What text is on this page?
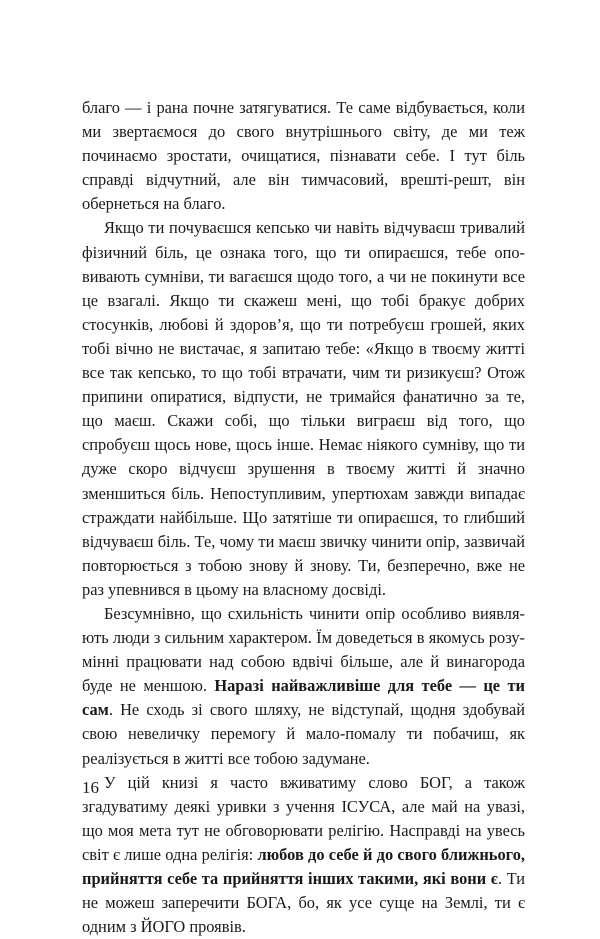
благо — і рана почне затягуватися. Те саме відбувається, коли ми звертаємося до свого внутрішнього світу, де ми теж починаємо зростати, очищатися, пізнавати себе. І тут біль справді відчутний, але він тимчасовий, врешті-решт, він обернеться на благо.

Якщо ти почуваєшся кепсько чи навіть відчуваєш тривалий фізичний біль, це ознака того, що ти опираєшся, тебе оповивають сумніви, ти вагаєшся щодо того, а чи не покинути все це взагалі. Якщо ти скажеш мені, що тобі бракує добрих стосунків, любові й здоров’я, що ти потребуєш грошей, яких тобі вічно не вистачає, я запитаю тебе: «Якщо в твоєму житті все так кепсько, то що тобі втрачати, чим ти ризикуєш? Отож припини опиратися, відпусти, не тримайся фанатично за те, що маєш. Скажи собі, що тільки виграєш від того, що спробуєш щось нове, щось інше. Немає ніякого сумніву, що ти дуже скоро відчуєш зрушення в твоєму житті й значно зменшиться біль. Непоступливим, упертюхам завжди випадає страждати найбільше. Що затятіше ти опираєшся, то глибший відчуваєш біль. Те, чому ти маєш звичку чинити опір, зазвичай повторюється з тобою знову й знову. Ти, безперечно, вже не раз упевнився в цьому на власному досвіді.

Безсумнівно, що схильність чинити опір особливо виявляють люди з сильним характером. Їм доведеться в якомусь розумінні працювати над собою вдвічі більше, але й винагорода буде не меншою. Наразі найважливіше для тебе — це ти сам. Не сходь зі свого шляху, не відступай, щодня здобувай свою невеличку перемогу й мало-помалу ти побачиш, як реалізується в житті все тобою задумане.

У цій книзі я часто вживатиму слово БОГ, а також згадуватиму деякі уривки з учення ІСУСА, але май на увазі, що моя мета тут не обговорювати релігію. Насправді на увесь світ є лише одна релігія: любов до себе й до свого ближнього, прийняття себе та прийняття інших такими, які вони є. Ти не можеш заперечити БОГА, бо, як усе суще на Землі, ти є одним з ЙОГО проявів.

16
